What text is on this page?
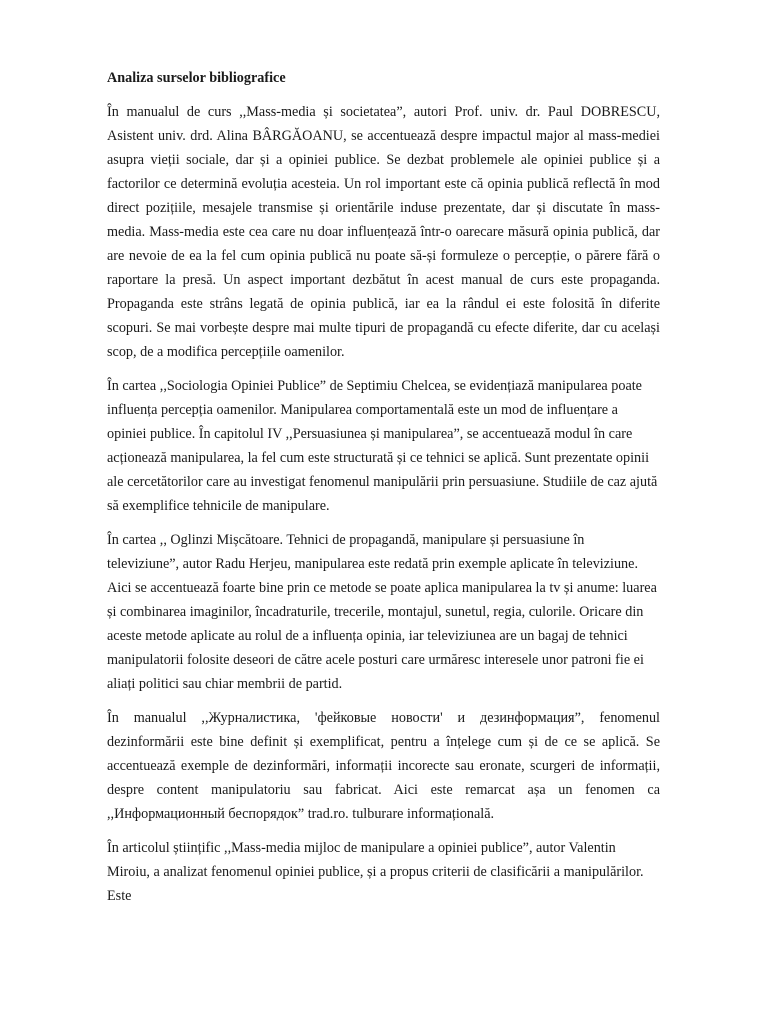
Analiza surselor bibliografice

În manualul de curs ,,Mass-media și societatea”, autori Prof. univ. dr. Paul DOBRESCU, Asistent univ. drd. Alina BÂRGĂOANU, se accentuează despre impactul major al mass-mediei asupra vieții sociale, dar și a opiniei publice. Se dezbat problemele ale opiniei publice și a factorilor ce determină evoluția acesteia. Un rol important este că opinia publică reflectă în mod direct pozițiile, mesajele transmise și orientările induse prezentate, dar și discutate în mass-media. Mass-media este cea care nu doar influențează într-o oarecare măsură opinia publică, dar are nevoie de ea la fel cum opinia publică nu poate să-și formuleze o percepție, o părere fără o raportare la presă. Un aspect important dezbătut în acest manual de curs este propaganda. Propaganda este strâns legată de opinia publică, iar ea la rândul ei este folosită în diferite scopuri. Se mai vorbește despre mai multe tipuri de propagandă cu efecte diferite, dar cu același scop, de a modifica percepțiile oamenilor.

În cartea ,,Sociologia Opiniei Publice” de Septimiu Chelcea, se evidențiază manipularea poate influența percepția oamenilor. Manipularea comportamentală este un mod de influențare a opiniei publice. În capitolul IV ,,Persuasiunea și manipularea”, se accentuează modul în care acționează manipularea, la fel cum este structurată și ce tehnici se aplică. Sunt prezentate opinii ale cercetătorilor care au investigat fenomenul manipulării prin persuasiune. Studiile de caz ajută să exemplifice tehnicile de manipulare.

În cartea ,, Oglinzi Mișcătoare. Tehnici de propagandă, manipulare și persuasiune în televiziune”, autor Radu Herjeu, manipularea este redată prin exemple aplicate în televiziune. Aici se accentuează foarte bine prin ce metode se poate aplica manipularea la tv și anume: luarea și combinarea imaginilor, încadraturile, trecerile, montajul, sunetul, regia, culorile. Oricare din aceste metode aplicate au rolul de a influența opinia, iar televiziunea are un bagaj de tehnici manipulatorii folosite deseori de către acele posturi care urmăresc interesele unor patroni fie ei aliați politici sau chiar membrii de partid.

În manualul ,,Журналистика, 'фейковые новости' и дезинформация”, fenomenul dezinformării este bine definit și exemplificat, pentru a înțelege cum și de ce se aplică. Se accentuează exemple de dezinformări, informații incorecte sau eronate, scurgeri de informații, despre content manipulatoriu sau fabricat. Aici este remarcat așa un fenomen ca ,,Информационный беспорядок” trad.ro. tulburare informațională.

În articolul științific ,,Mass-media mijloc de manipulare a opiniei publice”, autor Valentin Miroiu, a analizat fenomenul opiniei publice, și a propus criterii de clasificării a manipulărilor. Este
